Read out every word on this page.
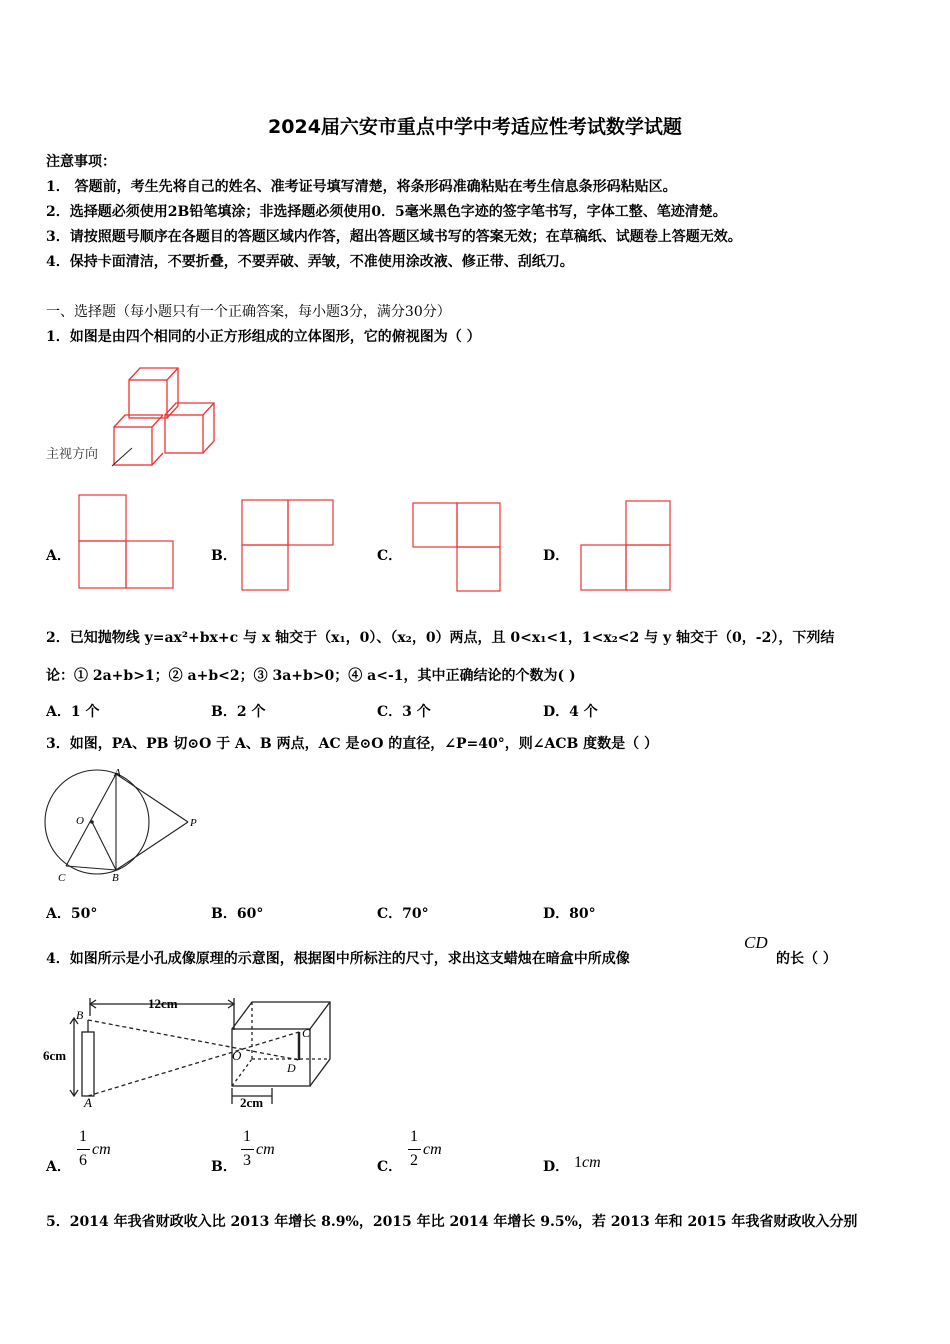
2024届六安市重点中学中考适应性考试数学试题
注意事项：
1． 答题前，考生先将自己的姓名、准考证号填写清楚，将条形码准确粘贴在考生信息条形码粘贴区。
2．选择题必须使用2B铅笔填涂；非选择题必须使用0．5毫米黑色字迹的签字笔书写，字体工整、笔迹清楚。
3．请按照题号顺序在各题目的答题区域内作答，超出答题区域书写的答案无效；在草稿纸、试题卷上答题无效。
4．保持卡面清洁，不要折叠，不要弄破、弄皱，不准使用涂改液、修正带、刮纸刀。
一、选择题（每小题只有一个正确答案，每小题3分，满分30分）
1．如图是由四个相同的小正方形组成的立体图形，它的俯视图为（ ）
主视方向
A．	B．	C．	D．
2．已知抛物线 y=ax²+bx+c 与 x 轴交于（x₁，0）、（x₂，0）两点，且 0<x₁<1，1<x₂<2 与 y 轴交于（0，-2），下列结
论：① 2a+b>1；② a+b<2；③ 3a+b>0；④ a<-1，其中正确结论的个数为( )
A．1 个	B．2 个	C．3 个	D．4 个
3．如图，PA、PB 切⊙O 于 A、B 两点，AC 是⊙O 的直径，∠P=40°，则∠ACB 度数是（ ）
A
O	P
C	B
A．50°	B．60°	C．70°	D．80°
4．如图所示是小孔成像原理的示意图，根据图中所标注的尺寸，求出这支蜡烛在暗盒中所成像
CD
的长（ ）
12cm
6cm
2cm
B
A
O
C
D
A．
1
6
cm
B．
1
3
cm
C．
1
2
cm
D． 1cm
5．2014 年我省财政收入比 2013 年增长 8.9%，2015 年比 2014 年增长 9.5%，若 2013 年和 2015 年我省财政收入分别
